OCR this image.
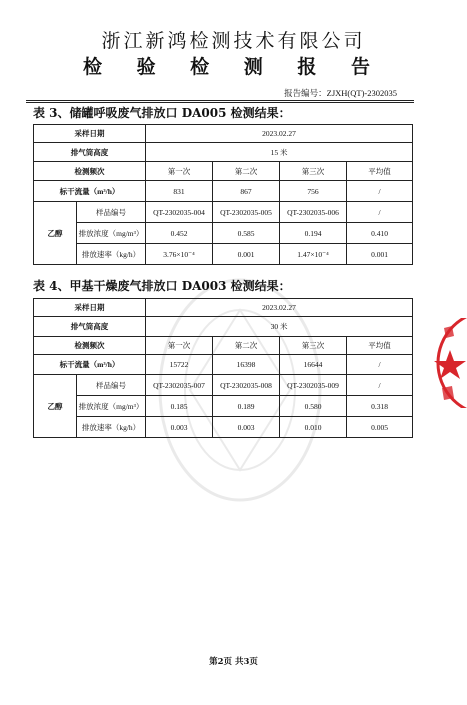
浙江新鸿检测技术有限公司
检 验 检 测 报 告
报告编号：ZJXH(QT)-2302035
表 3、储罐呼吸废气排放口 DA005 检测结果：
采样日期		2023.02.27			
排气筒高度		15 米			
检测频次		第一次	第二次	第三次	平均值
标干流量（m³/h）		831	867	756	/
乙醇	样品编号	QT-2302035-004	QT-2302035-005	QT-2302035-006	/
	排放浓度（mg/m³）	0.452	0.585	0.194	0.410
	排放速率（kg/h）	3.76×10⁻⁴	0.001	1.47×10⁻⁴	0.001
表 4、甲基干燥废气排放口 DA003 检测结果：
采样日期		2023.02.27			
排气筒高度		30 米			
检测频次		第一次	第二次	第三次	平均值
标干流量（m³/h）		15722	16398	16644	/
乙醇	样品编号	QT-2302035-007	QT-2302035-008	QT-2302035-009	/
	排放浓度（mg/m³）	0.185	0.189	0.580	0.318
	排放速率（kg/h）	0.003	0.003	0.010	0.005
第2页 共3页
